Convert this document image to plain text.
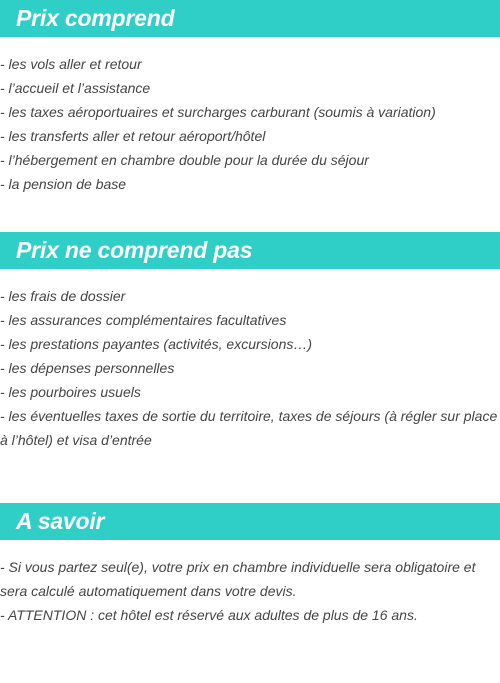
Prix comprend
- les vols aller et retour
- l’accueil et l’assistance
- les taxes aéroportuaires et surcharges carburant (soumis à variation)
- les transferts aller et retour aéroport/hôtel
- l’hébergement en chambre double pour la durée du séjour
- la pension de base
Prix ne comprend pas
- les frais de dossier
- les assurances complémentaires facultatives
- les prestations payantes (activités, excursions…)
- les dépenses personnelles
- les pourboires usuels
- les éventuelles taxes de sortie du territoire, taxes de séjours (à régler sur place à l’hôtel) et visa d’entrée
A savoir
- Si vous partez seul(e), votre prix en chambre individuelle sera obligatoire et sera calculé automatiquement dans votre devis.
- ATTENTION : cet hôtel est réservé aux adultes de plus de 16 ans.
